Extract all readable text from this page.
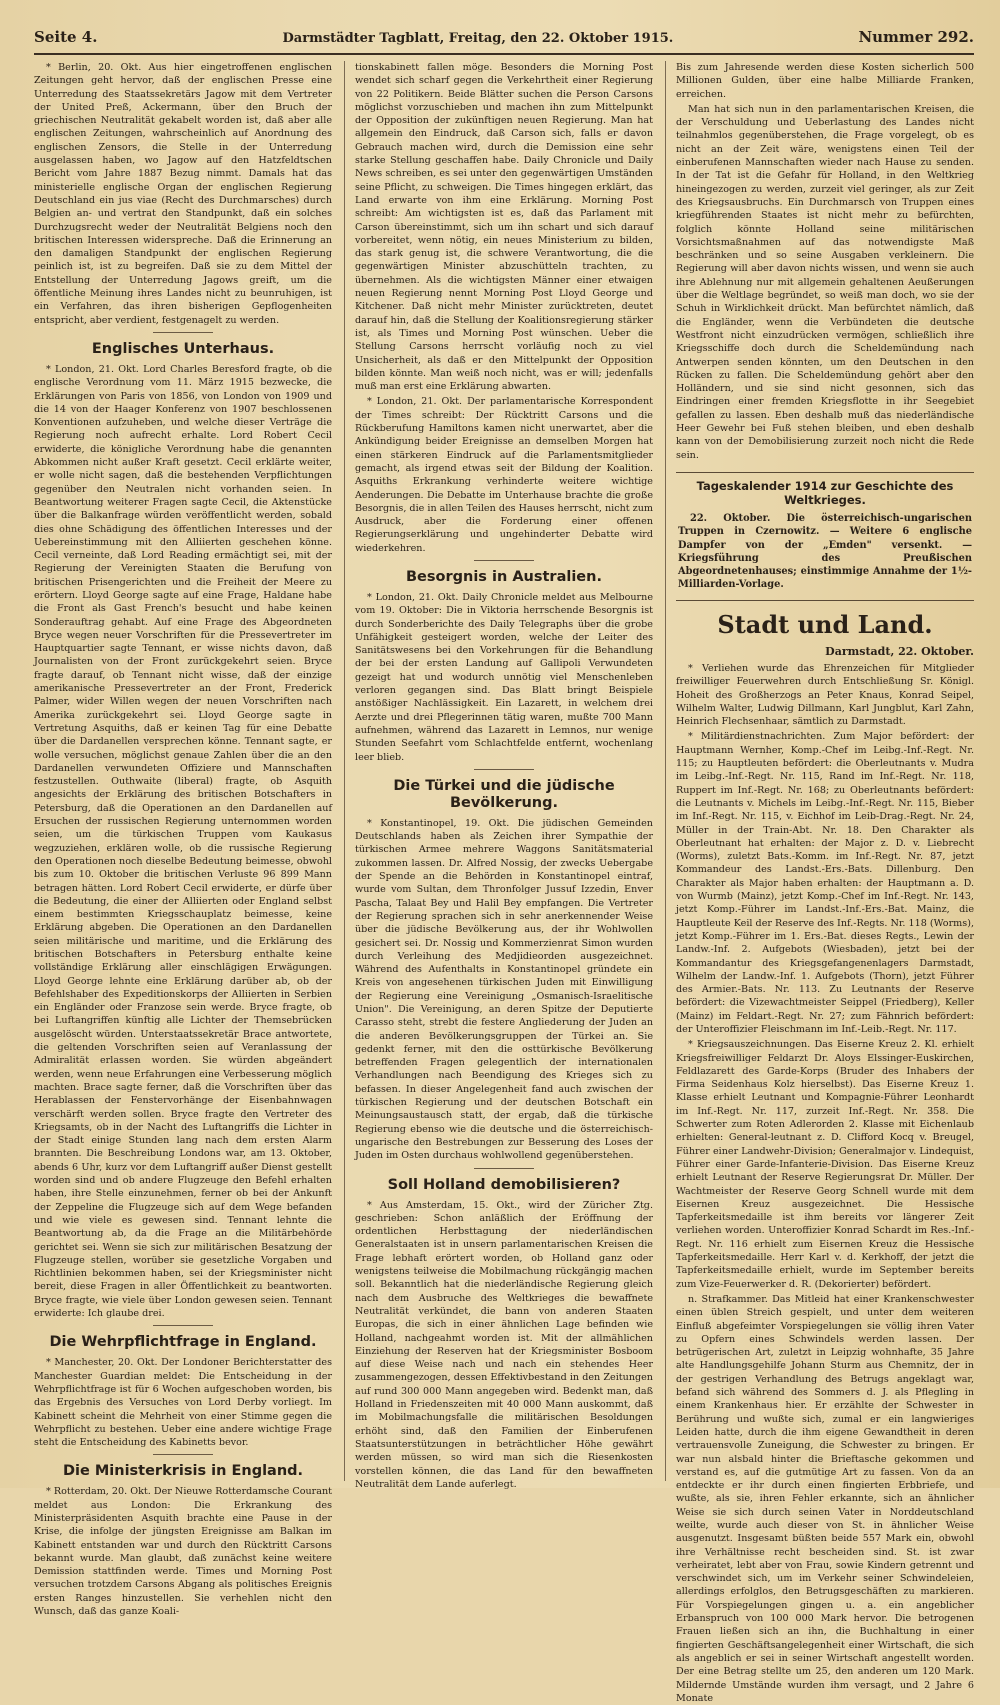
Seite 4.	Darmstädter Tagblatt, Freitag, den 22. Oktober 1915.	Nummer 292.

* Berlin, 20. Okt. Aus hier eingetroffenen englischen Zeitungen geht hervor, daß der englischen Presse eine Unterredung des Staatssekretärs Jagow mit dem Vertreter der United Preß, Ackermann, über den Bruch der griechischen Neutralität gekabelt worden ist, daß aber alle englischen Zeitungen, wahrscheinlich auf Anordnung des englischen Zensors, die Stelle in der Unterredung ausgelassen haben, wo Jagow auf den Hatzfeldtschen Bericht vom Jahre 1887 Bezug nimmt. Damals hat das ministerielle englische Organ der englischen Regierung Deutschland ein jus viae (Recht des Durchmarsches) durch Belgien an- und vertrat den Standpunkt, daß ein solches Durchzugsrecht weder der Neutralität Belgiens noch den britischen Interessen widerspreche. Daß die Erinnerung an den damaligen Standpunkt der englischen Regierung peinlich ist, ist zu begreifen. Daß sie zu dem Mittel der Entstellung der Unterredung Jagows greift, um die öffentliche Meinung ihres Landes nicht zu beunruhigen, ist ein Verfahren, das ihren bisherigen Gepflogenheiten entspricht, aber verdient, festgenagelt zu werden.

Englisches Unterhaus.

* London, 21. Okt. Lord Charles Beresford fragte, ob die englische Verordnung vom 11. März 1915 bezwecke, die Erklärungen von Paris von 1856, von London von 1909 und die 14 von der Haager Konferenz von 1907 beschlossenen Konventionen aufzuheben, und welche dieser Verträge die Regierung noch aufrecht erhalte. Lord Robert Cecil erwiderte, die königliche Verordnung habe die genannten Abkommen nicht außer Kraft gesetzt. Cecil erklärte weiter, er wolle nicht sagen, daß die bestehenden Verpflichtungen gegenüber den Neutralen nicht vorhanden seien. In Beantwortung weiterer Fragen sagte Cecil, die Aktenstücke über die Balkanfrage würden veröffentlicht werden, sobald dies ohne Schädigung des öffentlichen Interesses und der Uebereinstimmung mit den Alliierten geschehen könne. Cecil verneinte, daß Lord Reading ermächtigt sei, mit der Regierung der Vereinigten Staaten die Berufung von britischen Prisengerichten und die Freiheit der Meere zu erörtern. Lloyd George sagte auf eine Frage, Haldane habe die Front als Gast French's besucht und habe keinen Sonderauftrag gehabt. Auf eine Frage des Abgeordneten Bryce wegen neuer Vorschriften für die Pressevertreter im Hauptquartier sagte Tennant, er wisse nichts davon, daß Journalisten von der Front zurückgekehrt seien. Bryce fragte darauf, ob Tennant nicht wisse, daß der einzige amerikanische Pressevertreter an der Front, Frederick Palmer, wider Willen wegen der neuen Vorschriften nach Amerika zurückgekehrt sei. Lloyd George sagte in Vertretung Asquiths, daß er keinen Tag für eine Debatte über die Dardanellen versprechen könne. Tennant sagte, er wolle versuchen, möglichst genaue Zahlen über die an den Dardanellen verwundeten Offiziere und Mannschaften festzustellen. Outhwaite (liberal) fragte, ob Asquith angesichts der Erklärung des britischen Botschafters in Petersburg, daß die Operationen an den Dardanellen auf Ersuchen der russischen Regierung unternommen worden seien, um die türkischen Truppen vom Kaukasus wegzuziehen, erklären wolle, ob die russische Regierung den Operationen noch dieselbe Bedeutung beimesse, obwohl bis zum 10. Oktober die britischen Verluste 96 899 Mann betragen hätten. Lord Robert Cecil erwiderte, er dürfe über die Bedeutung, die einer der Alliierten oder England selbst einem bestimmten Kriegsschauplatz beimesse, keine Erklärung abgeben. Die Operationen an den Dardanellen seien militärische und maritime, und die Erklärung des britischen Botschafters in Petersburg enthalte keine vollständige Erklärung aller einschlägigen Erwägungen. Lloyd George lehnte eine Erklärung darüber ab, ob der Befehlshaber des Expeditionskorps der Alliierten in Serbien ein Engländer oder Franzose sein werde. Bryce fragte, ob bei Luftangriffen künftig alle Lichter der Themsebrücken ausgelöscht würden. Unterstaatssekretär Brace antwortete, die geltenden Vorschriften seien auf Veranlassung der Admiralität erlassen worden. Sie würden abgeändert werden, wenn neue Erfahrungen eine Verbesserung möglich machten. Brace sagte ferner, daß die Vorschriften über das Herablassen der Fenstervorhänge der Eisenbahnwagen verschärft werden sollen. Bryce fragte den Vertreter des Kriegsamts, ob in der Nacht des Luftangriffs die Lichter in der Stadt einige Stunden lang nach dem ersten Alarm brannten. Die Beschreibung Londons war, am 13. Oktober, abends 6 Uhr, kurz vor dem Luftangriff außer Dienst gestellt worden sind und ob andere Flugzeuge den Befehl erhalten haben, ihre Stelle einzunehmen, ferner ob bei der Ankunft der Zeppeline die Flugzeuge sich auf dem Wege befanden und wie viele es gewesen sind. Tennant lehnte die Beantwortung ab, da die Frage an die Militärbehörde gerichtet sei. Wenn sie sich zur militärischen Besatzung der Flugzeuge stellen, worüber sie gesetzliche Vorgaben und Richtlinien bekommen haben, sei der Kriegsminister nicht bereit, diese Fragen in aller Öffentlichkeit zu beantworten. Bryce fragte, wie viele über London gewesen seien. Tennant erwiderte: Ich glaube drei.

Die Wehrpflichtfrage in England.

* Manchester, 20. Okt. Der Londoner Berichterstatter des Manchester Guardian meldet: Die Entscheidung in der Wehrpflichtfrage ist für 6 Wochen aufgeschoben worden, bis das Ergebnis des Versuches von Lord Derby vorliegt. Im Kabinett scheint die Mehrheit von einer Stimme gegen die Wehrpflicht zu bestehen. Ueber eine andere wichtige Frage steht die Entscheidung des Kabinetts bevor.

Die Ministerkrisis in England.

* Rotterdam, 20. Okt. Der Nieuwe Rotterdamsche Courant meldet aus London: Die Erkrankung des Ministerpräsidenten Asquith brachte eine Pause in der Krise, die infolge der jüngsten Ereignisse am Balkan im Kabinett entstanden war und durch den Rücktritt Carsons bekannt wurde. Man glaubt, daß zunächst keine weitere Demission stattfinden werde. Times und Morning Post versuchen trotzdem Carsons Abgang als politisches Ereignis ersten Ranges hinzustellen. Sie verhehlen nicht den Wunsch, daß das ganze Koali-

tionskabinett fallen möge. Besonders die Morning Post wendet sich scharf gegen die Verkehrtheit einer Regierung von 22 Politikern. Beide Blätter suchen die Person Carsons möglichst vorzuschieben und machen ihn zum Mittelpunkt der Opposition der zukünftigen neuen Regierung. Man hat allgemein den Eindruck, daß Carson sich, falls er davon Gebrauch machen wird, durch die Demission eine sehr starke Stellung geschaffen habe. Daily Chronicle und Daily News schreiben, es sei unter den gegenwärtigen Umständen seine Pflicht, zu schweigen. Die Times hingegen erklärt, das Land erwarte von ihm eine Erklärung. Morning Post schreibt: Am wichtigsten ist es, daß das Parlament mit Carson übereinstimmt, sich um ihn schart und sich darauf vorbereitet, wenn nötig, ein neues Ministerium zu bilden, das stark genug ist, die schwere Verantwortung, die die gegenwärtigen Minister abzuschütteln trachten, zu übernehmen. Als die wichtigsten Männer einer etwaigen neuen Regierung nennt Morning Post Lloyd George und Kitchener. Daß nicht mehr Minister zurücktreten, deutet darauf hin, daß die Stellung der Koalitionsregierung stärker ist, als Times und Morning Post wünschen. Ueber die Stellung Carsons herrscht vorläufig noch zu viel Unsicherheit, als daß er den Mittelpunkt der Opposition bilden könnte. Man weiß noch nicht, was er will; jedenfalls muß man erst eine Erklärung abwarten.

* London, 21. Okt. Der parlamentarische Korrespondent der Times schreibt: Der Rücktritt Carsons und die Rückberufung Hamiltons kamen nicht unerwartet, aber die Ankündigung beider Ereignisse an demselben Morgen hat einen stärkeren Eindruck auf die Parlamentsmitglieder gemacht, als irgend etwas seit der Bildung der Koalition. Asquiths Erkrankung verhinderte weitere wichtige Aenderungen. Die Debatte im Unterhause brachte die große Besorgnis, die in allen Teilen des Hauses herrscht, nicht zum Ausdruck, aber die Forderung einer offenen Regierungserklärung und ungehinderter Debatte wird wiederkehren.

Besorgnis in Australien.

* London, 21. Okt. Daily Chronicle meldet aus Melbourne vom 19. Oktober: Die in Viktoria herrschende Besorgnis ist durch Sonderberichte des Daily Telegraphs über die grobe Unfähigkeit gesteigert worden, welche der Leiter des Sanitätswesens bei den Vorkehrungen für die Behandlung der bei der ersten Landung auf Gallipoli Verwundeten gezeigt hat und wodurch unnötig viel Menschenleben verloren gegangen sind. Das Blatt bringt Beispiele anstößiger Nachlässigkeit. Ein Lazarett, in welchem drei Aerzte und drei Pflegerinnen tätig waren, mußte 700 Mann aufnehmen, während das Lazarett in Lemnos, nur wenige Stunden Seefahrt vom Schlachtfelde entfernt, wochenlang leer blieb.

Die Türkei und die jüdische Bevölkerung.

* Konstantinopel, 19. Okt. Die jüdischen Gemeinden Deutschlands haben als Zeichen ihrer Sympathie der türkischen Armee mehrere Waggons Sanitätsmaterial zukommen lassen. Dr. Alfred Nossig, der zwecks Uebergabe der Spende an die Behörden in Konstantinopel eintraf, wurde vom Sultan, dem Thronfolger Jussuf Izzedin, Enver Pascha, Talaat Bey und Halil Bey empfangen. Die Vertreter der Regierung sprachen sich in sehr anerkennender Weise über die jüdische Bevölkerung aus, der ihr Wohlwollen gesichert sei. Dr. Nossig und Kommerzienrat Simon wurden durch Verleihung des Medjidieorden ausgezeichnet. Während des Aufenthalts in Konstantinopel gründete ein Kreis von angesehenen türkischen Juden mit Einwilligung der Regierung eine Vereinigung „Osmanisch-Israelitische Union". Die Vereinigung, an deren Spitze der Deputierte Carasso steht, strebt die festere Angliederung der Juden an die anderen Bevölkerungsgruppen der Türkei an. Sie gedenkt ferner, mit den die osttürkische Bevölkerung betreffenden Fragen gelegentlich der internationalen Verhandlungen nach Beendigung des Krieges sich zu befassen. In dieser Angelegenheit fand auch zwischen der türkischen Regierung und der deutschen Botschaft ein Meinungsaustausch statt, der ergab, daß die türkische Regierung ebenso wie die deutsche und die österreichisch-ungarische den Bestrebungen zur Besserung des Loses der Juden im Osten durchaus wohlwollend gegenüberstehen.

Soll Holland demobilisieren?

* Aus Amsterdam, 15. Okt., wird der Züricher Ztg. geschrieben: Schon anläßlich der Eröffnung der ordentlichen Herbsttagung der niederländischen Generalstaaten ist in unsern parlamentarischen Kreisen die Frage lebhaft erörtert worden, ob Holland ganz oder wenigstens teilweise die Mobilmachung rückgängig machen soll. Bekanntlich hat die niederländische Regierung gleich nach dem Ausbruche des Weltkrieges die bewaffnete Neutralität verkündet, die bann von anderen Staaten Europas, die sich in einer ähnlichen Lage befinden wie Holland, nachgeahmt worden ist. Mit der allmählichen Einziehung der Reserven hat der Kriegsminister Bosboom auf diese Weise nach und nach ein stehendes Heer zusammengezogen, dessen Effektivbestand in den Zeitungen auf rund 300 000 Mann angegeben wird. Bedenkt man, daß Holland in Friedenszeiten mit 40 000 Mann auskommt, daß im Mobilmachungsfalle die militärischen Besoldungen erhöht sind, daß den Familien der Einberufenen Staatsunterstützungen in beträchtlicher Höhe gewährt werden müssen, so wird man sich die Riesenkosten vorstellen können, die das Land für den bewaffneten Neutralität dem Lande auferlegt.

Bis zum Jahresende werden diese Kosten sicherlich 500 Millionen Gulden, über eine halbe Milliarde Franken, erreichen.

Man hat sich nun in den parlamentarischen Kreisen, die der Verschuldung und Ueberlastung des Landes nicht teilnahmlos gegenüberstehen, die Frage vorgelegt, ob es nicht an der Zeit wäre, wenigstens einen Teil der einberufenen Mannschaften wieder nach Hause zu senden. In der Tat ist die Gefahr für Holland, in den Weltkrieg hineingezogen zu werden, zurzeit viel geringer, als zur Zeit des Kriegsausbruchs. Ein Durchmarsch von Truppen eines kriegführenden Staates ist nicht mehr zu befürchten, folglich könnte Holland seine militärischen Vorsichtsmaßnahmen auf das notwendigste Maß beschränken und so seine Ausgaben verkleinern. Die Regierung will aber davon nichts wissen, und wenn sie auch ihre Ablehnung nur mit allgemein gehaltenen Aeußerungen über die Weltlage begründet, so weiß man doch, wo sie der Schuh in Wirklichkeit drückt. Man befürchtet nämlich, daß die Engländer, wenn die Verbündeten die deutsche Westfront nicht einzudrücken vermögen, schließlich ihre Kriegsschiffe doch durch die Scheldemündung nach Antwerpen senden könnten, um den Deutschen in den Rücken zu fallen. Die Scheldemündung gehört aber den Holländern, und sie sind nicht gesonnen, sich das Eindringen einer fremden Kriegsflotte in ihr Seegebiet gefallen zu lassen. Eben deshalb muß das niederländische Heer Gewehr bei Fuß stehen bleiben, und eben deshalb kann von der Demobilisierung zurzeit noch nicht die Rede sein.

Tageskalender 1914 zur Geschichte des Weltkrieges.

22. Oktober. Die österreichisch-ungarischen Truppen in Czernowitz. — Weitere 6 englische Dampfer von der „Emden" versenkt. — Kriegsführung des Preußischen Abgeordnetenhauses; einstimmige Annahme der 1½-Milliarden-Vorlage.

Stadt und Land.
Darmstadt, 22. Oktober.

* Verliehen wurde das Ehrenzeichen für Mitglieder freiwilliger Feuerwehren durch Entschließung Sr. Königl. Hoheit des Großherzogs an Peter Knaus, Konrad Seipel, Wilhelm Walter, Ludwig Dillmann, Karl Jungblut, Karl Zahn, Heinrich Flechsenhaar, sämtlich zu Darmstadt.

* Militärdienstnachrichten. Zum Major befördert: der Hauptmann Wernher, Komp.-Chef im Leibg.-Inf.-Regt. Nr. 115; zu Hauptleuten befördert: die Oberleutnants v. Mudra im Leibg.-Inf.-Regt. Nr. 115, Rand im Inf.-Regt. Nr. 118, Ruppert im Inf.-Regt. Nr. 168; zu Oberleutnants befördert: die Leutnants v. Michels im Leibg.-Inf.-Regt. Nr. 115, Bieber im Inf.-Regt. Nr. 115, v. Eichhof im Leib-Drag.-Regt. Nr. 24, Müller in der Train-Abt. Nr. 18. Den Charakter als Oberleutnant hat erhalten: der Major z. D. v. Liebrecht (Worms), zuletzt Bats.-Komm. im Inf.-Regt. Nr. 87, jetzt Kommandeur des Landst.-Ers.-Bats. Dillenburg. Den Charakter als Major haben erhalten: der Hauptmann a. D. von Wurmb (Mainz), jetzt Komp.-Chef im Inf.-Regt. Nr. 143, jetzt Komp.-Führer im Landst.-Inf.-Ers.-Bat. Mainz, die Hauptleute Keil der Reserve des Inf.-Regts. Nr. 118 (Worms), jetzt Komp.-Führer im 1. Ers.-Bat. dieses Regts., Lewin der Landw.-Inf. 2. Aufgebots (Wiesbaden), jetzt bei der Kommandantur des Kriegsgefangenenlagers Darmstadt, Wilhelm der Landw.-Inf. 1. Aufgebots (Thorn), jetzt Führer des Armier.-Bats. Nr. 113. Zu Leutnants der Reserve befördert: die Vizewachtmeister Seippel (Friedberg), Keller (Mainz) im Feldart.-Regt. Nr. 27; zum Fähnrich befördert: der Unteroffizier Fleischmann im Inf.-Leib.-Regt. Nr. 117.

* Kriegsauszeichnungen. Das Eiserne Kreuz 2. Kl. erhielt Kriegsfreiwilliger Feldarzt Dr. Aloys Elssinger-Euskirchen, Feldlazarett des Garde-Korps (Bruder des Inhabers der Firma Seidenhaus Kolz hierselbst). Das Eiserne Kreuz 1. Klasse erhielt Leutnant und Kompagnie-Führer Leonhardt im Inf.-Regt. Nr. 117, zurzeit Inf.-Regt. Nr. 358. Die Schwerter zum Roten Adlerorden 2. Klasse mit Eichenlaub erhielten: General-leutnant z. D. Clifford Kocq v. Breugel, Führer einer Landwehr-Division; Generalmajor v. Lindequist, Führer einer Garde-Infanterie-Division. Das Eiserne Kreuz erhielt Leutnant der Reserve Regierungsrat Dr. Müller. Der Wachtmeister der Reserve Georg Schnell wurde mit dem Eisernen Kreuz ausgezeichnet. Die Hessische Tapferkeitsmedaille ist ihm bereits vor längerer Zeit verliehen worden. Unteroffizier Konrad Schardt im Res.-Inf.-Regt. Nr. 116 erhielt zum Eisernen Kreuz die Hessische Tapferkeitsmedaille. Herr Karl v. d. Kerkhoff, der jetzt die Tapferkeitsmedaille erhielt, wurde im September bereits zum Vize-Feuerwerker d. R. (Dekorierter) befördert.

n. Strafkammer. Das Mitleid hat einer Krankenschwester einen üblen Streich gespielt, und unter dem weiteren Einfluß abgefeimter Vorspiegelungen sie völlig ihren Vater zu Opfern eines Schwindels werden lassen. Der betrügerischen Art, zuletzt in Leipzig wohnhafte, 35 Jahre alte Handlungsgehilfe Johann Sturm aus Chemnitz, der in der gestrigen Verhandlung des Betrugs angeklagt war, befand sich während des Sommers d. J. als Pflegling in einem Krankenhaus hier. Er erzählte der Schwester in Berührung und wußte sich, zumal er ein langwieriges Leiden hatte, durch die ihm eigene Gewandtheit in deren vertrauensvolle Zuneigung, die Schwester zu bringen. Er war nun alsbald hinter die Brieftasche gekommen und verstand es, auf die gutmütige Art zu fassen. Von da an entdeckte er ihr durch einen fingierten Erbbriefe, und wußte, als sie, ihren Fehler erkannte, sich an ähnlicher Weise sie sich durch seinen Vater in Norddeutschland weilte, wurde auch dieser von St. in ähnlicher Weise ausgenutzt. Insgesamt büßten beide 557 Mark ein, obwohl ihre Verhältnisse recht bescheiden sind. St. ist zwar verheiratet, lebt aber von Frau, sowie Kindern getrennt und verschwindet sich, um im Verkehr seiner Schwindeleien, allerdings erfolglos, den Betrugsgeschäften zu markieren. Für Vorspiegelungen gingen u. a. ein angeblicher Erbanspruch von 100 000 Mark hervor. Die betrogenen Frauen ließen sich an ihn, die Buchhaltung in einer fingierten Geschäftsangelegenheit einer Wirtschaft, die sich als angeblich er sei in seiner Wirtschaft angestellt worden. Der eine Betrag stellte um 25, den anderen um 120 Mark. Mildernde Umstände wurden ihm versagt, und 2 Jahre 6 Monate
